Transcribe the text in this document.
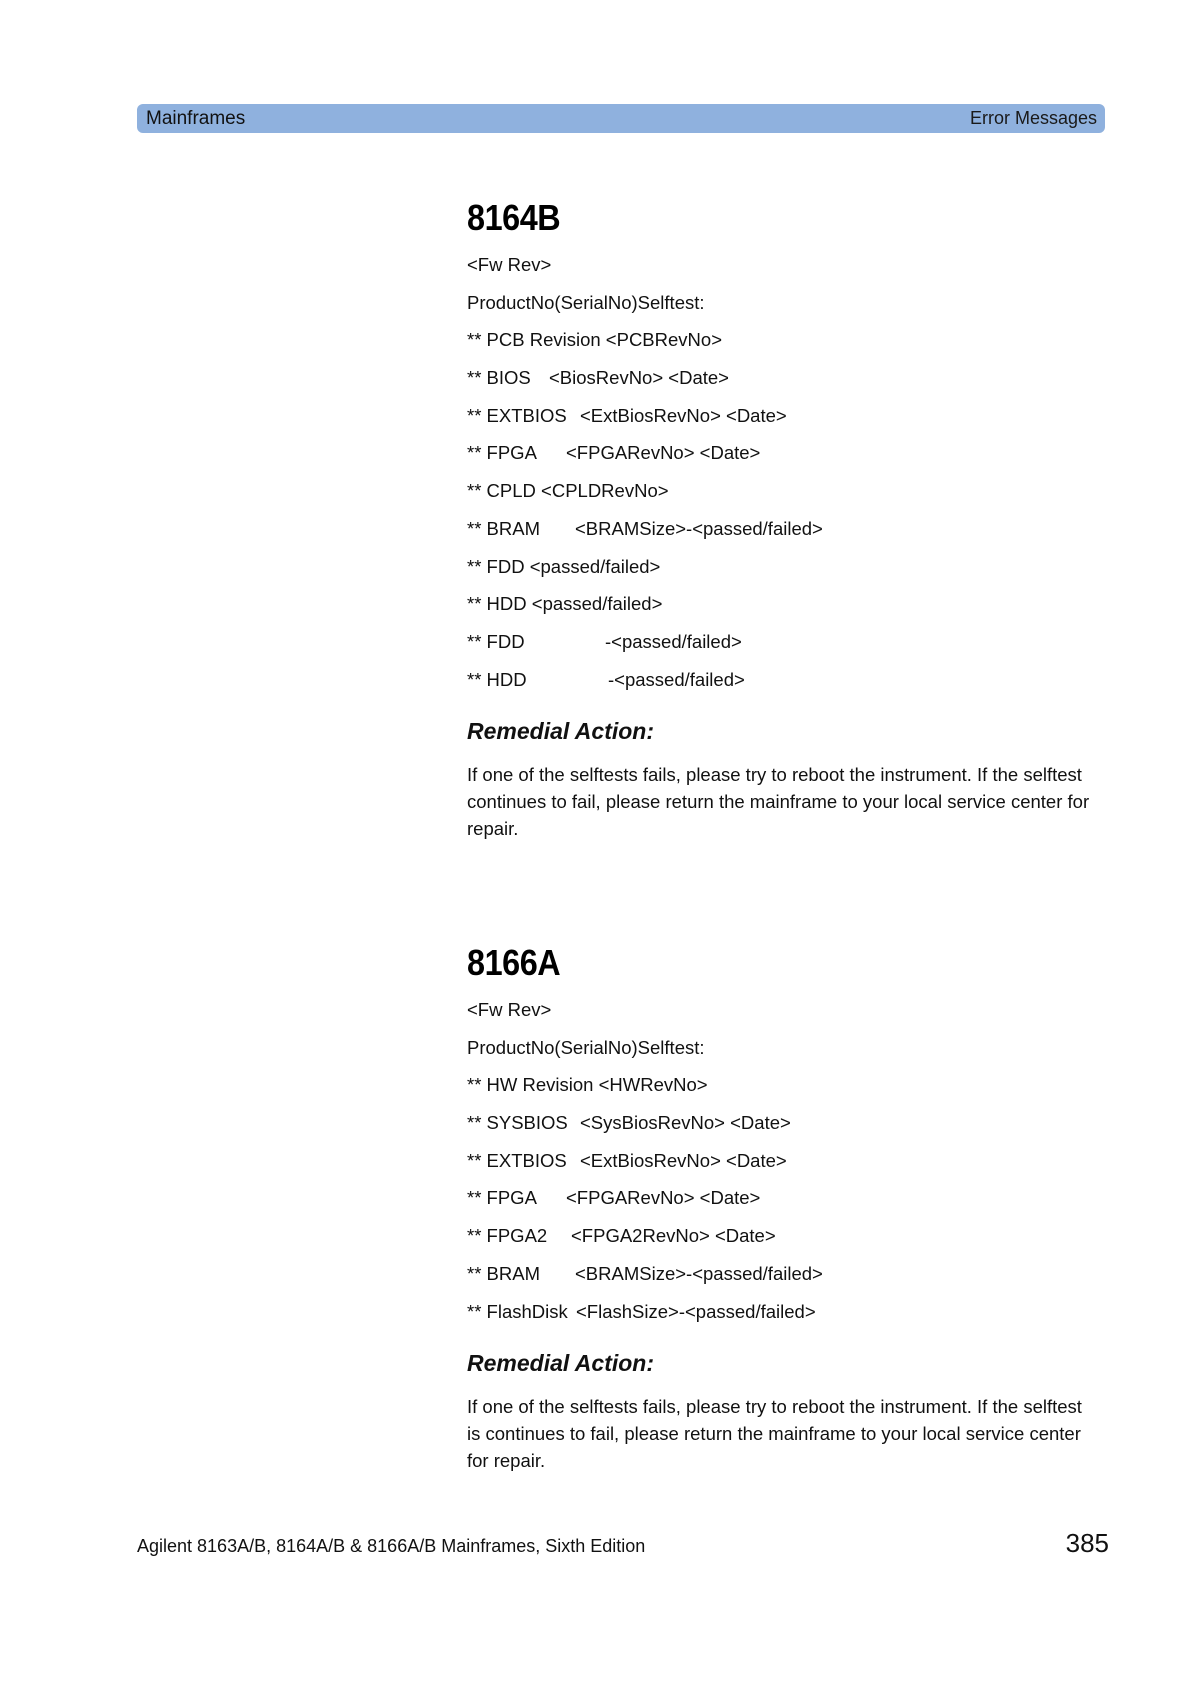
Mainframes	Error Messages
8164B
<Fw Rev>
ProductNo(SerialNo)Selftest:
** PCB Revision <PCBRevNo>
** BIOS <BiosRevNo> <Date>
** EXTBIOS <ExtBiosRevNo> <Date>
** FPGA	<FPGARevNo> <Date>
** CPLD <CPLDRevNo>
** BRAM	<BRAMSize>-<passed/failed>
** FDD <passed/failed>
** HDD <passed/failed>
** FDD	-<passed/failed>
** HDD	-<passed/failed>
Remedial Action:

If one of the selftests fails, please try to reboot the instrument. If the selftest continues to fail, please return the mainframe to your local service center for repair.

8166A
<Fw Rev>
ProductNo(SerialNo)Selftest:
** HW Revision <HWRevNo>
** SYSBIOS <SysBiosRevNo> <Date>
** EXTBIOS <ExtBiosRevNo> <Date>
** FPGA	<FPGARevNo> <Date>
** FPGA2	<FPGA2RevNo> <Date>
** BRAM	<BRAMSize>-<passed/failed>
** FlashDisk <FlashSize>-<passed/failed>
Remedial Action:

If one of the selftests fails, please try to reboot the instrument. If the selftest is continues to fail, please return the mainframe to your local service center for repair.

Agilent 8163A/B, 8164A/B & 8166A/B Mainframes, Sixth Edition	385
